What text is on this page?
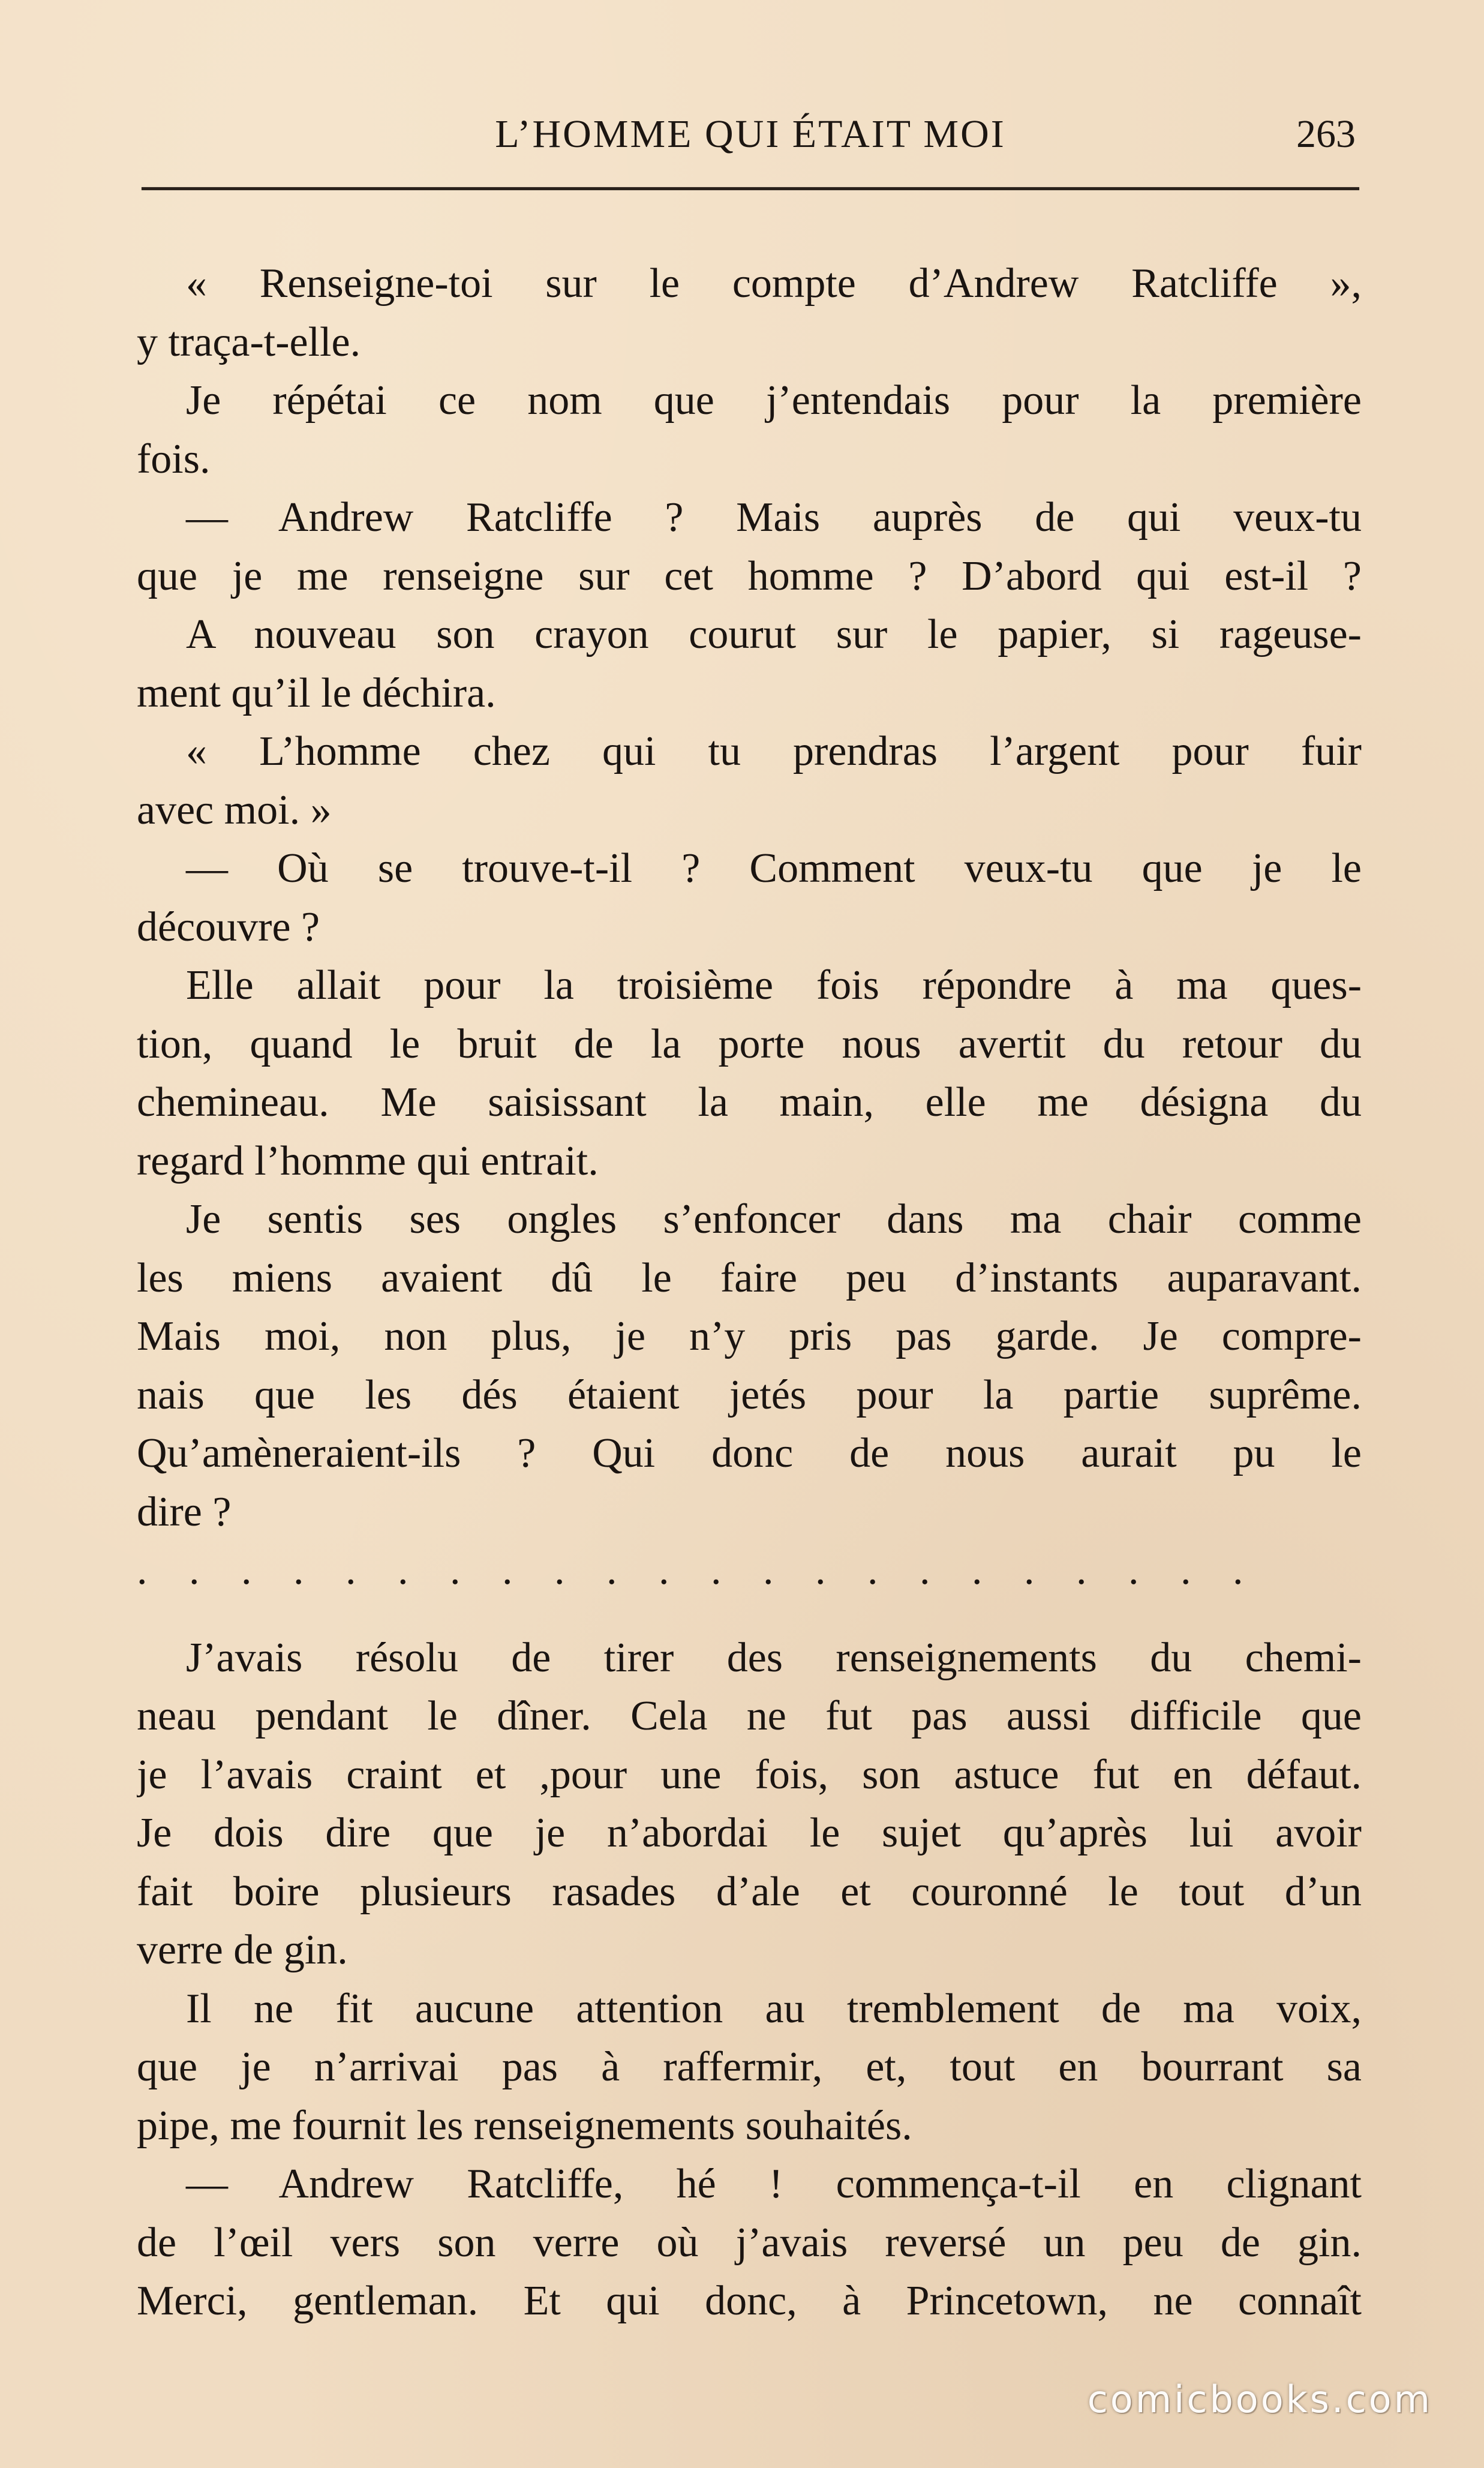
L’HOMME QUI ÉTAIT MOI	263
« Renseigne-toi sur le compte d’Andrew Ratcliffe »,
y traça-t-elle.
Je répétai ce nom que j’entendais pour la première
fois.
— Andrew Ratcliffe ? Mais auprès de qui veux-tu
que je me renseigne sur cet homme ? D’abord qui est-il ?
A nouveau son crayon courut sur le papier, si rageuse-
ment qu’il le déchira.
« L’homme chez qui tu prendras l’argent pour fuir
avec moi. »
— Où se trouve-t-il ? Comment veux-tu que je le
découvre ?
Elle allait pour la troisième fois répondre à ma ques-
tion, quand le bruit de la porte nous avertit du retour du
chemineau. Me saisissant la main, elle me désigna du
regard l’homme qui entrait.
Je sentis ses ongles s’enfoncer dans ma chair comme
les miens avaient dû le faire peu d’instants auparavant.
Mais moi, non plus, je n’y pris pas garde. Je compre-
nais que les dés étaient jetés pour la partie suprême.
Qu’amèneraient-ils ? Qui donc de nous aurait pu le
dire ?
. . . . . . . . . . . . . . . . . . . . . .
J’avais résolu de tirer des renseignements du chemi-
neau pendant le dîner. Cela ne fut pas aussi difficile que
je l’avais craint et ,pour une fois, son astuce fut en défaut.
Je dois dire que je n’abordai le sujet qu’après lui avoir
fait boire plusieurs rasades d’ale et couronné le tout d’un
verre de gin.
Il ne fit aucune attention au tremblement de ma voix,
que je n’arrivai pas à raffermir, et, tout en bourrant sa
pipe, me fournit les renseignements souhaités.
— Andrew Ratcliffe, hé ! commença-t-il en clignant
de l’œil vers son verre où j’avais reversé un peu de gin.
Merci, gentleman. Et qui donc, à Princetown, ne connaît
comicbooks.com
